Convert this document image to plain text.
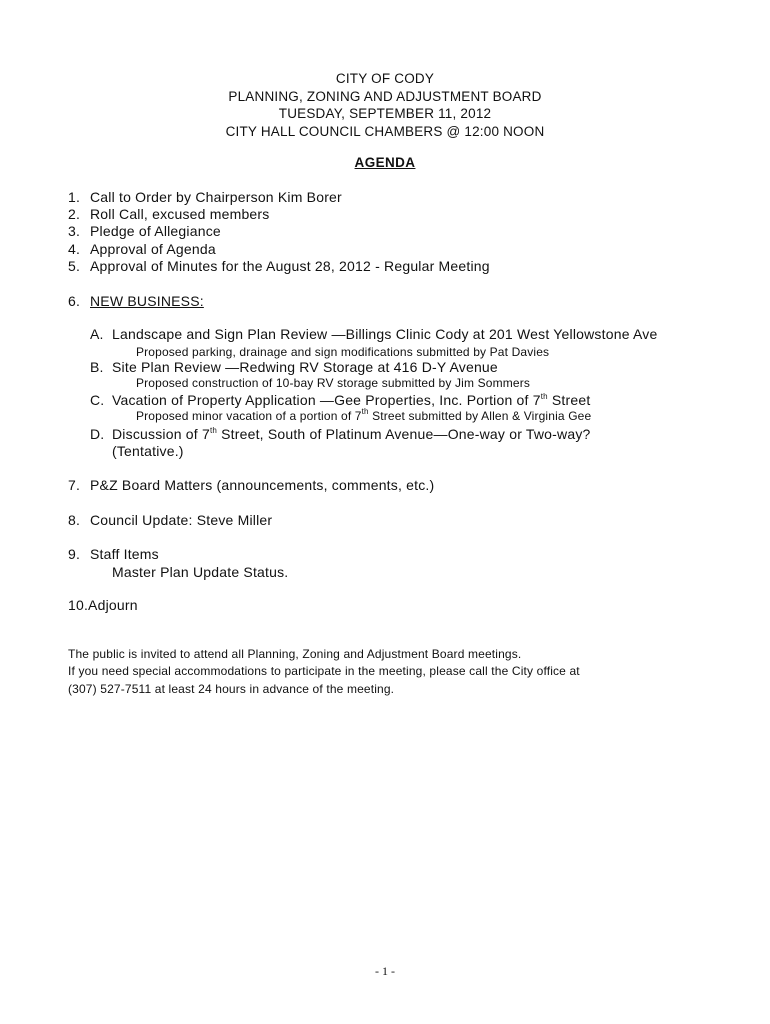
CITY OF CODY
PLANNING, ZONING AND ADJUSTMENT BOARD
TUESDAY, SEPTEMBER 11, 2012
CITY HALL COUNCIL CHAMBERS @ 12:00 NOON
AGENDA
1. Call to Order by Chairperson Kim Borer
2. Roll Call, excused members
3. Pledge of Allegiance
4. Approval of Agenda
5. Approval of Minutes for the August 28, 2012 - Regular Meeting
6. NEW BUSINESS:
A. Landscape and Sign Plan Review —Billings Clinic Cody at 201 West Yellowstone Ave
Proposed parking, drainage and sign modifications submitted by Pat Davies
B. Site Plan Review —Redwing RV Storage at 416 D-Y Avenue
Proposed construction of 10-bay RV storage submitted by Jim Sommers
C. Vacation of Property Application —Gee Properties, Inc. Portion of 7th Street
Proposed minor vacation of a portion of 7th Street submitted by Allen & Virginia Gee
D. Discussion of 7th Street, South of Platinum Avenue—One-way or Two-way?
(Tentative.)
7. P&Z Board Matters (announcements, comments, etc.)
8. Council Update: Steve Miller
9. Staff Items
Master Plan Update Status.
10.Adjourn
The public is invited to attend all Planning, Zoning and Adjustment Board meetings.
If you need special accommodations to participate in the meeting, please call the City office at
(307) 527-7511 at least 24 hours in advance of the meeting.
- 1 -
